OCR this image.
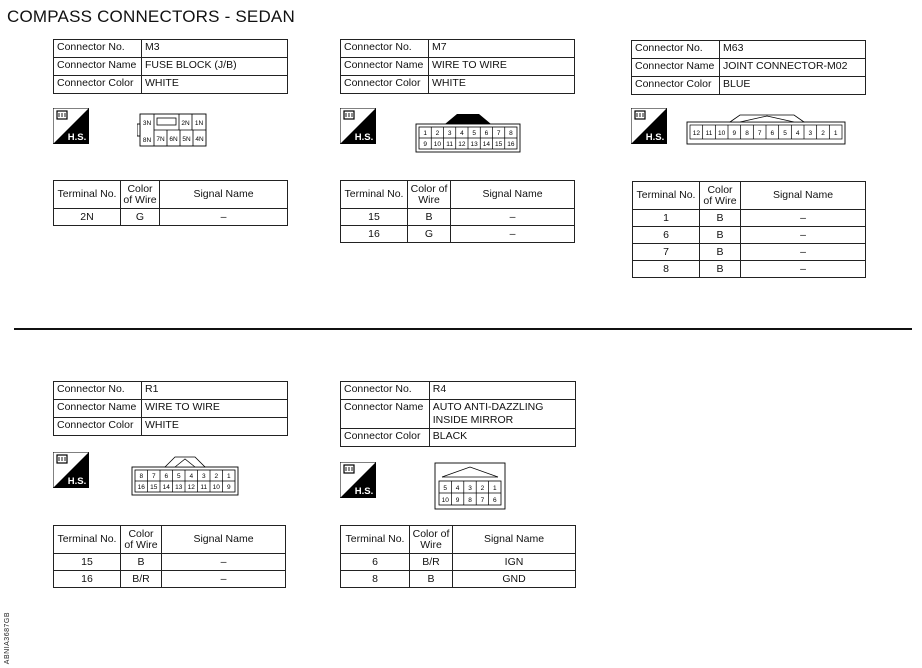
COMPASS CONNECTORS - SEDAN
Connector No.	M3
Connector Name	FUSE BLOCK (J/B)
Connector Color	WHITE
H.S.
3N	2N 1N
8N 7N 6N 5N 4N
Terminal No.	Color of Wire	Signal Name
2N	G	–
Connector No.	M7
Connector Name	WIRE TO WIRE
Connector Color	WHITE
H.S.	1 2 3 4 5 6 7 8
9 10 11 12 13 14 15 16
Terminal No.	Color of Wire	Signal Name
15	B	–
16	G	–
Connector No.	M63
Connector Name	JOINT CONNECTOR-M02
Connector Color	BLUE
H.S.	12 11 10 9 8 7 6 5 4 3 2 1
Terminal No.	Color of Wire	Signal Name
1	B	–
6	B	–
7	B	–
8	B	–
Connector No.	R1
Connector Name	WIRE TO WIRE
Connector Color	WHITE
H.S.	8 7 6 5 4 3 2 1
16 15 14 13 12 11 10 9
Terminal No.	Color of Wire	Signal Name
15	B	–
16	B/R	–
Connector No.	R4
Connector Name	AUTO ANTI-DAZZLING INSIDE MIRROR
Connector Color	BLACK
H.S.	5 4 3 2 1
10 9 8 7 6
Terminal No.	Color of Wire	Signal Name
6	B/R	IGN
8	B	GND
ABNIA3687GB
